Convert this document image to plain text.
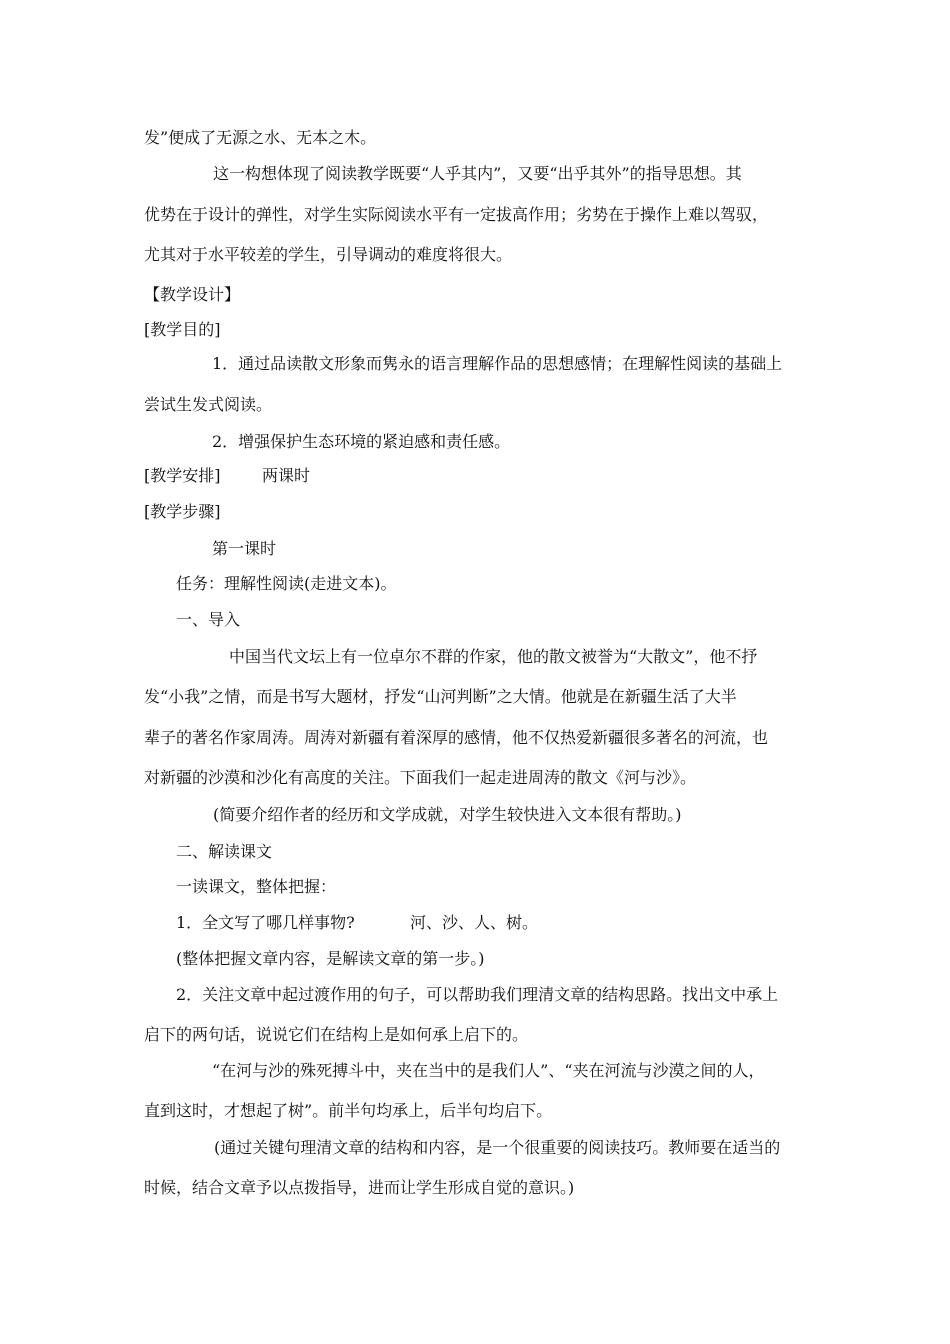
发”便成了无源之水、无本之木。
这一构想体现了阅读教学既要“人乎其内”，又要“出乎其外”的指导思想。其
优势在于设计的弹性，对学生实际阅读水平有一定拔高作用；劣势在于操作上难以驾驭，
尤其对于水平较差的学生，引导调动的难度将很大。
【教学设计】
[教学目的]
1．通过品读散文形象而隽永的语言理解作品的思想感情；在理解性阅读的基础上
尝试生发式阅读。
2．增强保护生态环境的紧迫感和责任感。
[教学安排]	两课时
[教学步骤]
第一课时
任务：理解性阅读(走进文本)。
一、导入
中国当代文坛上有一位卓尔不群的作家，他的散文被誉为“大散文”，他不抒
发“小我”之情，而是书写大题材，抒发“山河判断”之大情。他就是在新疆生活了大半
辈子的著名作家周涛。周涛对新疆有着深厚的感情，他不仅热爱新疆很多著名的河流，也
对新疆的沙漠和沙化有高度的关注。下面我们一起走进周涛的散文《河与沙》。
(简要介绍作者的经历和文学成就，对学生较快进入文本很有帮助。)
二、解读课文
一读课文，整体把握：
1．全文写了哪几样事物?	河、沙、人、树。
(整体把握文章内容，是解读文章的第一步。)
2．关注文章中起过渡作用的句子，可以帮助我们理清文章的结构思路。找出文中承上
启下的两句话，说说它们在结构上是如何承上启下的。
“在河与沙的殊死搏斗中，夹在当中的是我们人”、“夹在河流与沙漠之间的人，
直到这时，才想起了树”。前半句均承上，后半句均启下。
(通过关键句理清文章的结构和内容，是一个很重要的阅读技巧。教师要在适当的
时候，结合文章予以点拨指导，进而让学生形成自觉的意识。)
